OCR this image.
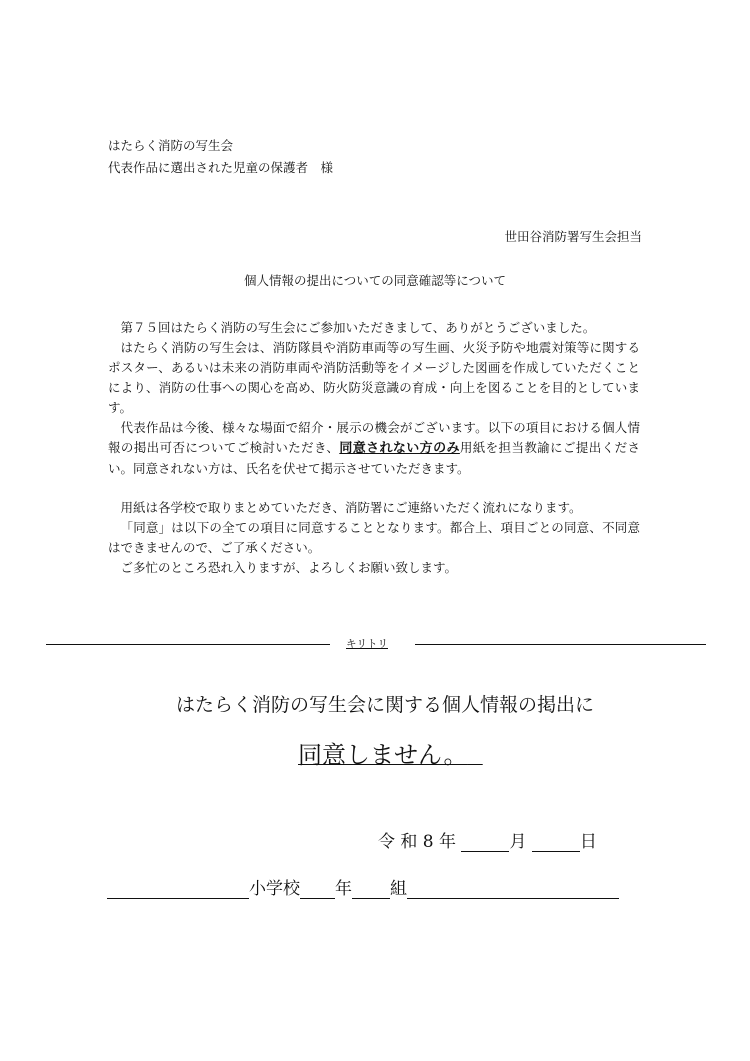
はたらく消防の写生会
代表作品に選出された児童の保護者　様
世田谷消防署写生会担当
個人情報の提出についての同意確認等について
第７５回はたらく消防の写生会にご参加いただきまして、ありがとうございました。
はたらく消防の写生会は、消防隊員や消防車両等の写生画、火災予防や地震対策等に関するポスター、あるいは未来の消防車両や消防活動等をイメージした図画を作成していただくことにより、消防の仕事への関心を高め、防火防災意識の育成・向上を図ることを目的としています。
代表作品は今後、様々な場面で紹介・展示の機会がございます。以下の項目における個人情報の掲出可否についてご検討いただき、同意されない方のみ用紙を担当教諭にご提出ください。同意されない方は、氏名を伏せて掲示させていただきます。
用紙は各学校で取りまとめていただき、消防署にご連絡いただく流れになります。
「同意」は以下の全ての項目に同意することとなります。都合上、項目ごとの同意、不同意はできませんので、ご了承ください。
ご多忙のところ恐れ入りますが、よろしくお願い致します。
キリトリ
はたらく消防の写生会に関する個人情報の掲出に
同意しません。
令 和 8 年	月	日
小学校 年 組
